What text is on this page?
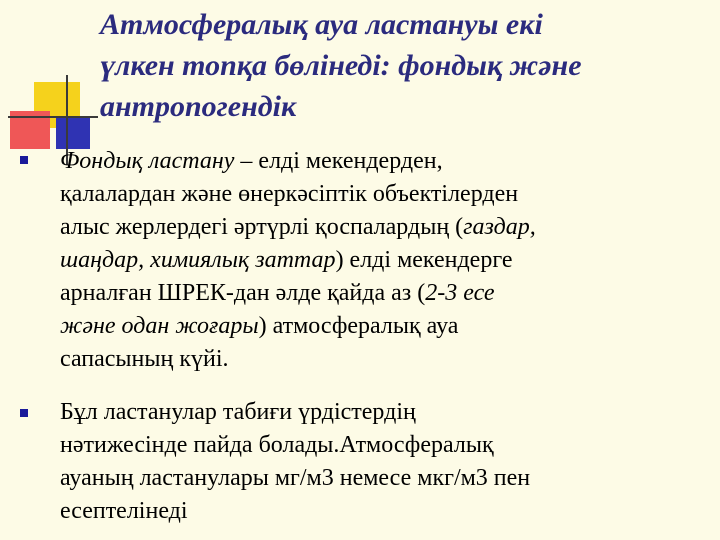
Атмосфералық ауа ластануы екі
үлкен топқа бөлінеді: фондық және
антропогендік
Фондық ластану – елді мекендерден,
қалалардан және өнеркәсіптік объектілерден
алыс жерлердегі әртүрлі қоспалардың (газдар,
шаңдар, химиялық заттар) елді мекендерге
арналған ШРЕК-дан әлде қайда аз (2-3 есе
және одан жоғары) атмосфералық ауа
сапасының күйі.
Бұл ластанулар табиғи үрдістердің
нәтижесінде пайда болады.Атмосфералық
ауаның ластанулары мг/м3 немесе мкг/м3 пен
есептелінеді
